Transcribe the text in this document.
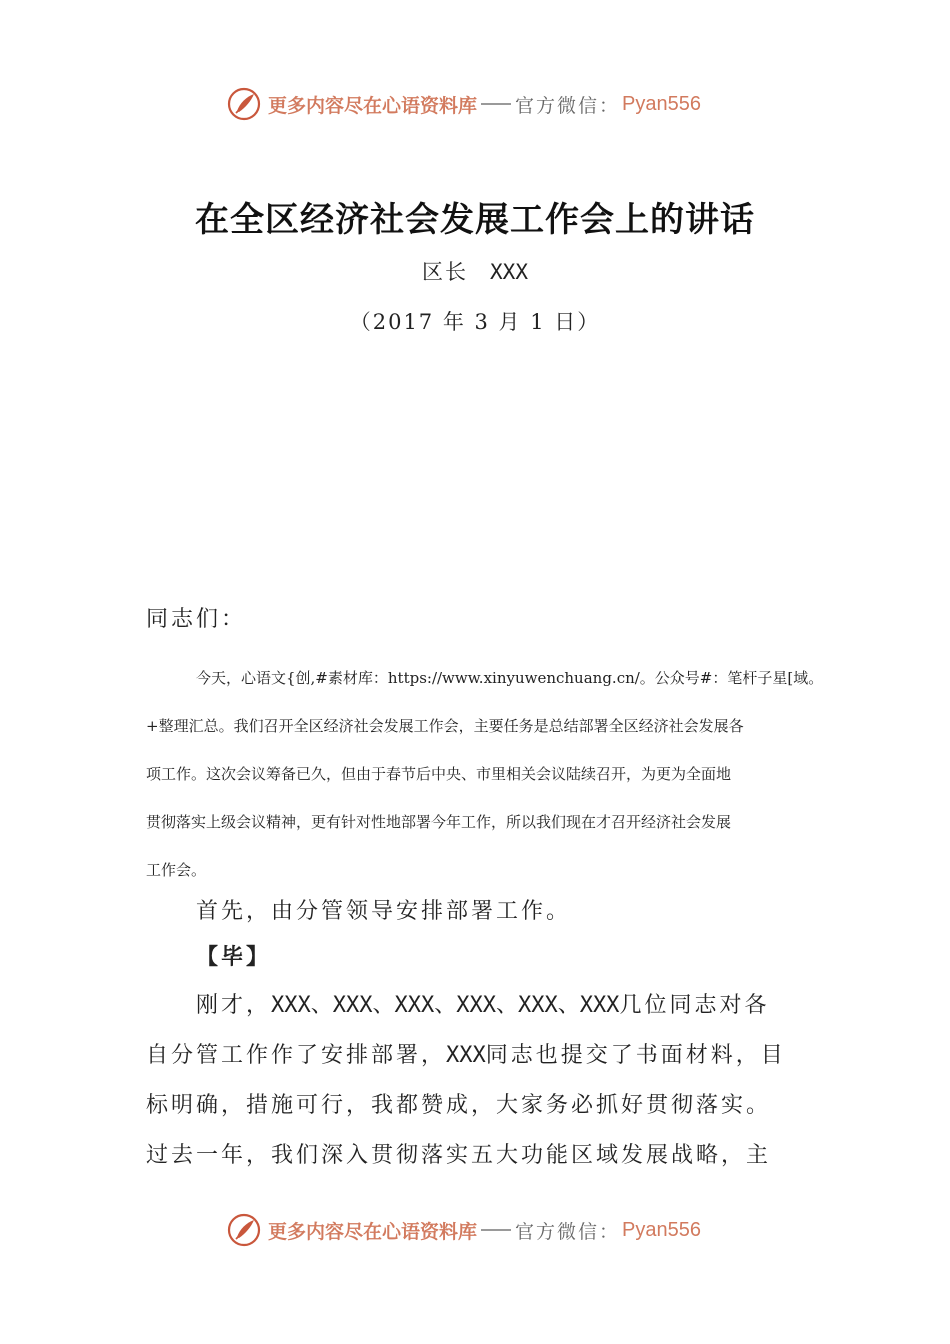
更多内容尽在心语资料库 官方微信： Pyan556
在全区经济社会发展工作会上的讲话
区长 XXX
（2017 年 3 月 1 日）
同志们：
今天，心语文{创,#素材库：https://www.xinyuwenchuang.cn/。公众号#：笔杆子星[域。
+整理汇总。我们召开全区经济社会发展工作会，主要任务是总结部署全区经济社会发展各
项工作。这次会议筹备已久，但由于春节后中央、市里相关会议陆续召开，为更为全面地
贯彻落实上级会议精神，更有针对性地部署今年工作，所以我们现在才召开经济社会发展
工作会。
首先，由分管领导安排部署工作。
【毕】
刚才，XXX、XXX、XXX、XXX、XXX、XXX几位同志对各
自分管工作作了安排部署，XXX同志也提交了书面材料，目
标明确，措施可行，我都赞成，大家务必抓好贯彻落实。
过去一年，我们深入贯彻落实五大功能区域发展战略，主
更多内容尽在心语资料库 官方微信： Pyan556
